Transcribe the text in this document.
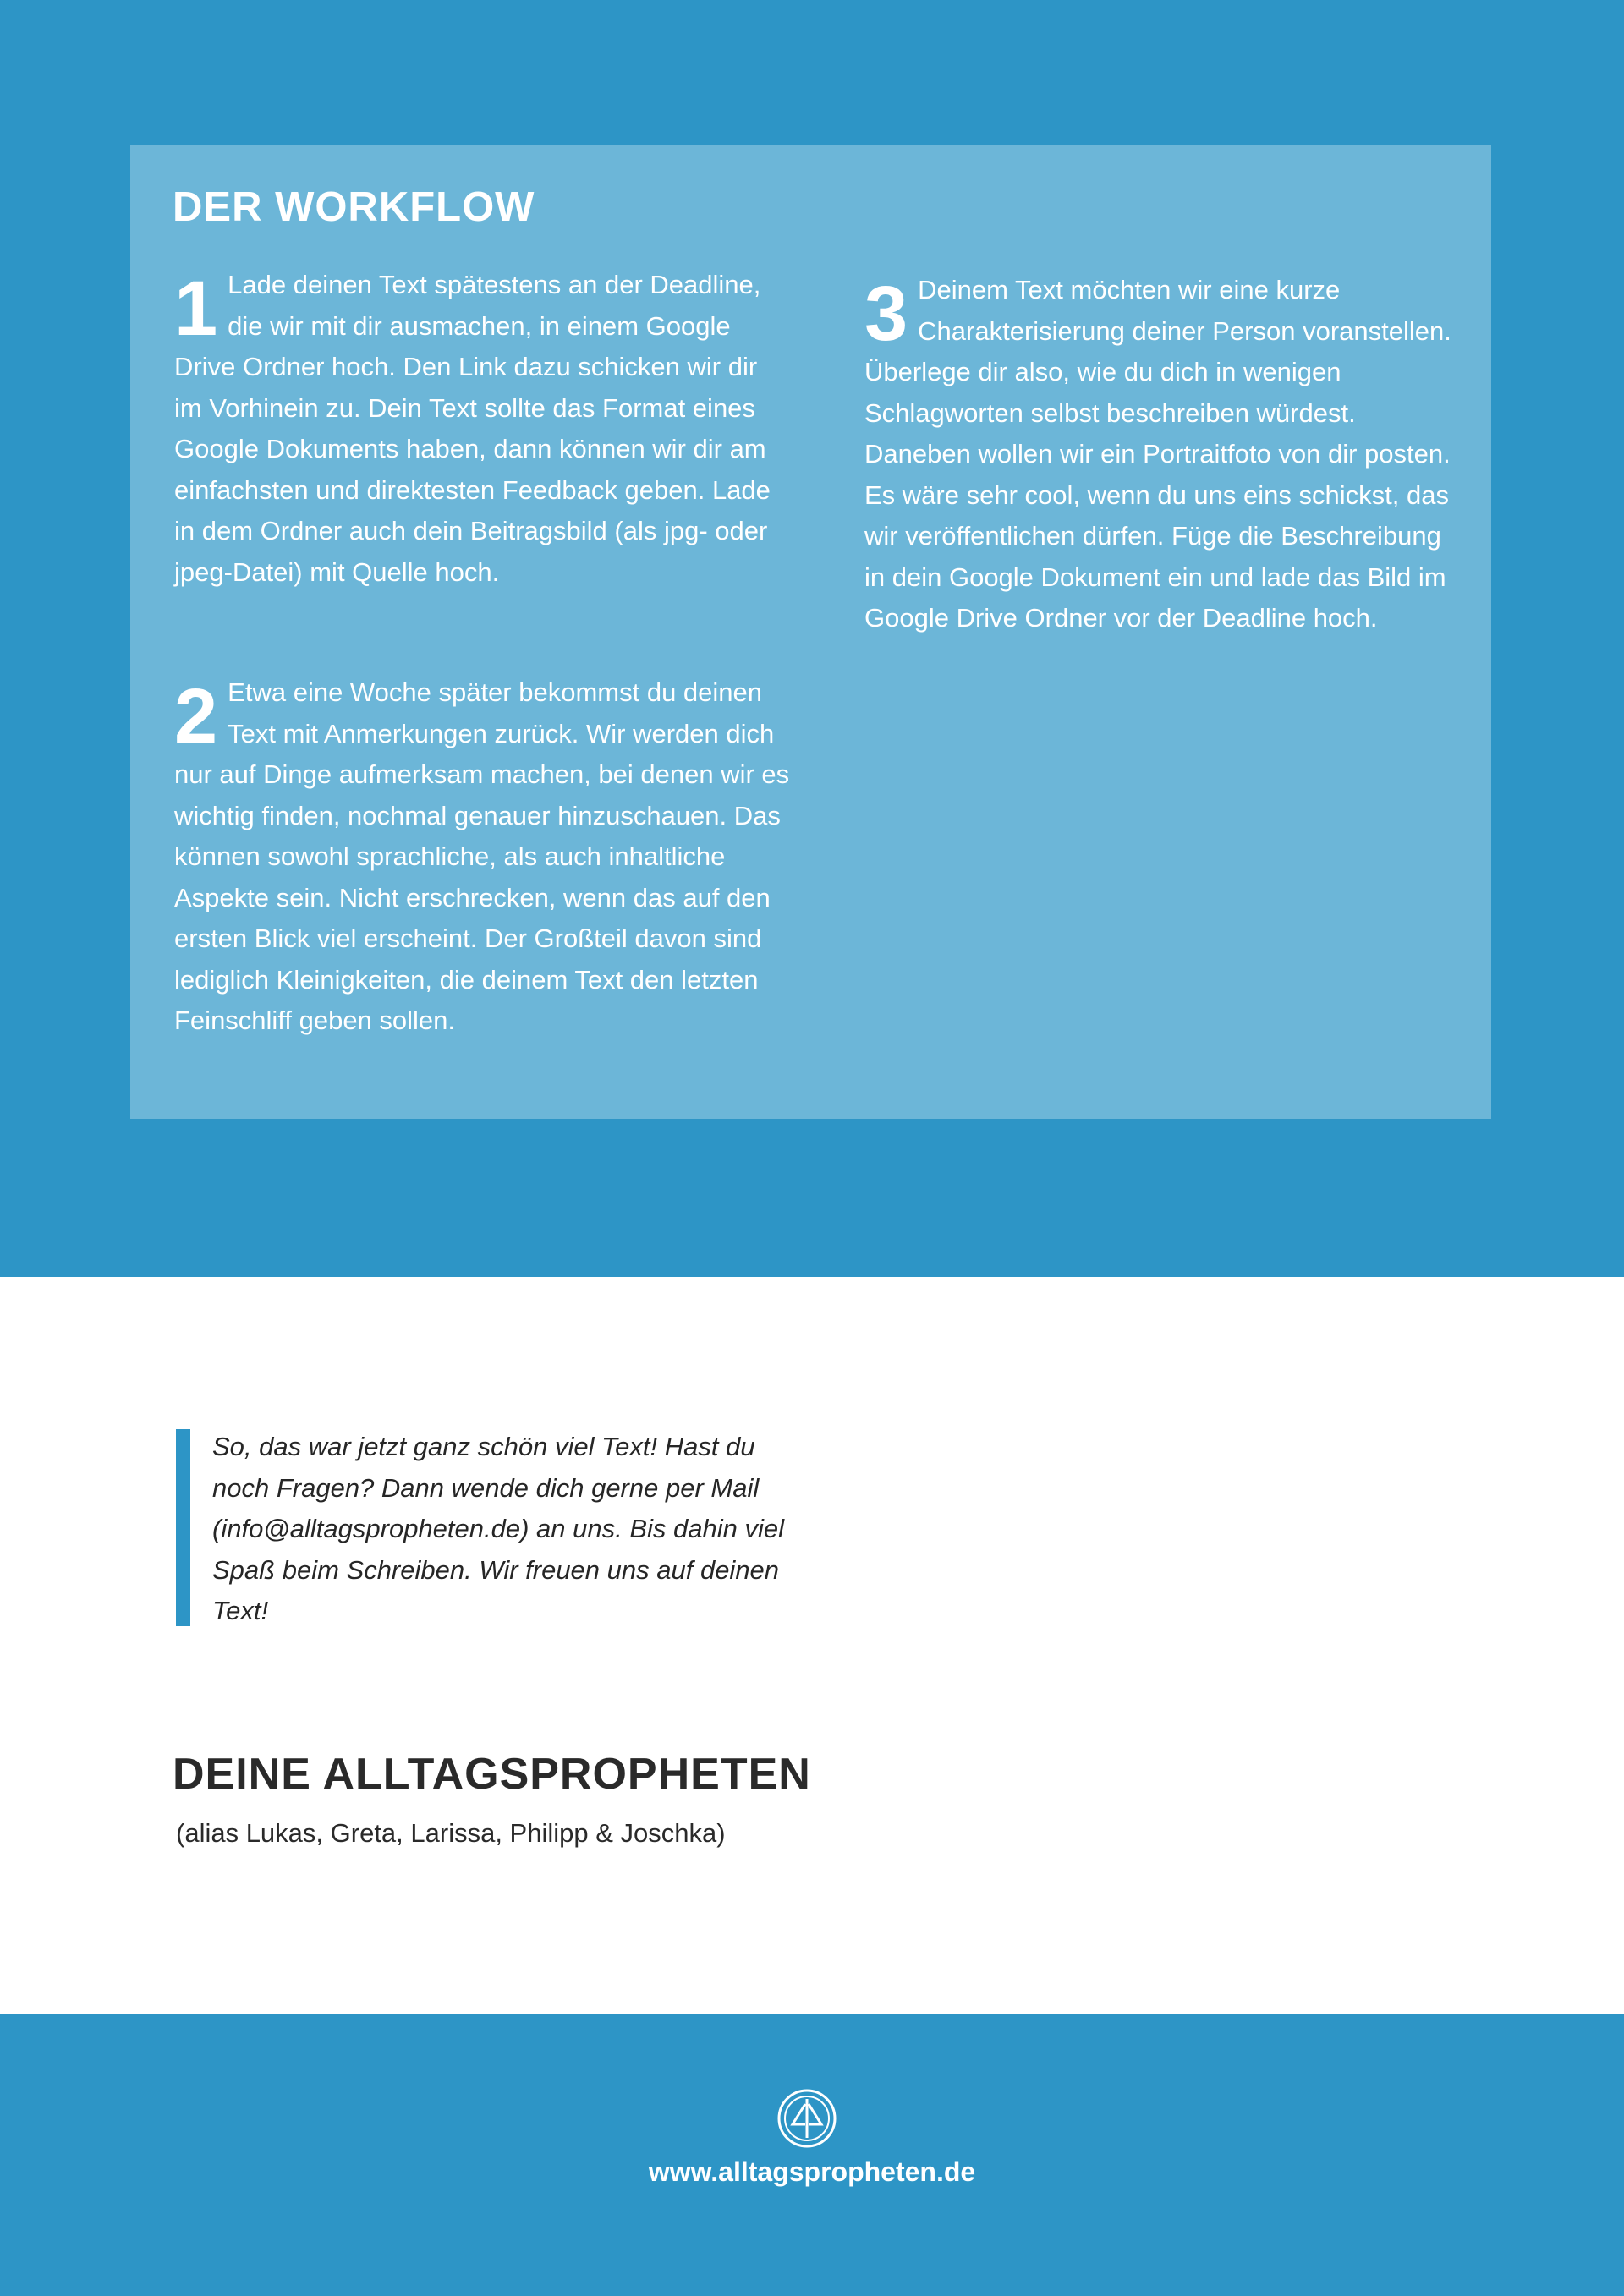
DER WORKFLOW

1 Lade deinen Text spätestens an der Deadline, die wir mit dir ausmachen, in einem Google Drive Ordner hoch. Den Link dazu schicken wir dir im Vorhinein zu. Dein Text sollte das Format eines Google Dokuments haben, dann können wir dir am einfachsten und direktesten Feedback geben. Lade in dem Ordner auch dein Beitragsbild (als jpg- oder jpeg-Datei) mit Quelle hoch.

2 Etwa eine Woche später bekommst du deinen Text mit Anmerkungen zurück. Wir werden dich nur auf Dinge aufmerksam machen, bei denen wir es wichtig finden, nochmal genauer hinzuschauen. Das können sowohl sprachliche, als auch inhaltliche Aspekte sein. Nicht erschrecken, wenn das auf den ersten Blick viel erscheint. Der Großteil davon sind lediglich Kleinigkeiten, die deinem Text den letzten Feinschliff geben sollen.

3 Deinem Text möchten wir eine kurze Charakterisierung deiner Person voranstellen. Überlege dir also, wie du dich in wenigen Schlagworten selbst beschreiben würdest. Daneben wollen wir ein Portraitfoto von dir posten. Es wäre sehr cool, wenn du uns eins schickst, das wir veröffentlichen dürfen. Füge die Beschreibung in dein Google Dokument ein und lade das Bild im Google Drive Ordner vor der Deadline hoch.

So, das war jetzt ganz schön viel Text! Hast du noch Fragen? Dann wende dich gerne per Mail (info@alltagspropheten.de) an uns. Bis dahin viel Spaß beim Schreiben. Wir freuen uns auf deinen Text!

DEINE ALLTAGSPROPHETEN

(alias Lukas, Greta, Larissa, Philipp & Joschka)

www.alltagspropheten.de
